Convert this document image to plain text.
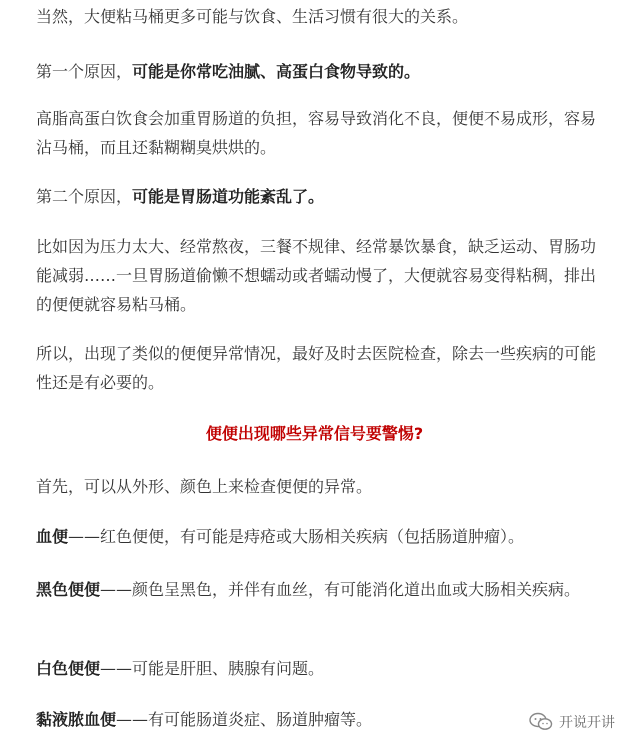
当然，大便粘马桶更多可能与饮食、生活习惯有很大的关系。

第一个原因，可能是你常吃油腻、高蛋白食物导致的。

高脂高蛋白饮食会加重胃肠道的负担，容易导致消化不良，便便不易成形，容易沾马桶，而且还黏糊糊臭烘烘的。

第二个原因，可能是胃肠道功能紊乱了。

比如因为压力太大、经常熬夜，三餐不规律、经常暴饮暴食，缺乏运动、胃肠功能减弱……一旦胃肠道偷懒不想蠕动或者蠕动慢了，大便就容易变得粘稠，排出的便便就容易粘马桶。

所以，出现了类似的便便异常情况，最好及时去医院检查，除去一些疾病的可能性还是有必要的。

便便出现哪些异常信号要警惕?

首先，可以从外形、颜色上来检查便便的异常。

血便——红色便便，有可能是痔疮或大肠相关疾病（包括肠道肿瘤）。

黑色便便——颜色呈黑色，并伴有血丝，有可能消化道出血或大肠相关疾病。

白色便便——可能是肝胆、胰腺有问题。

黏液脓血便——有可能肠道炎症、肠道肿瘤等。	开说开讲
